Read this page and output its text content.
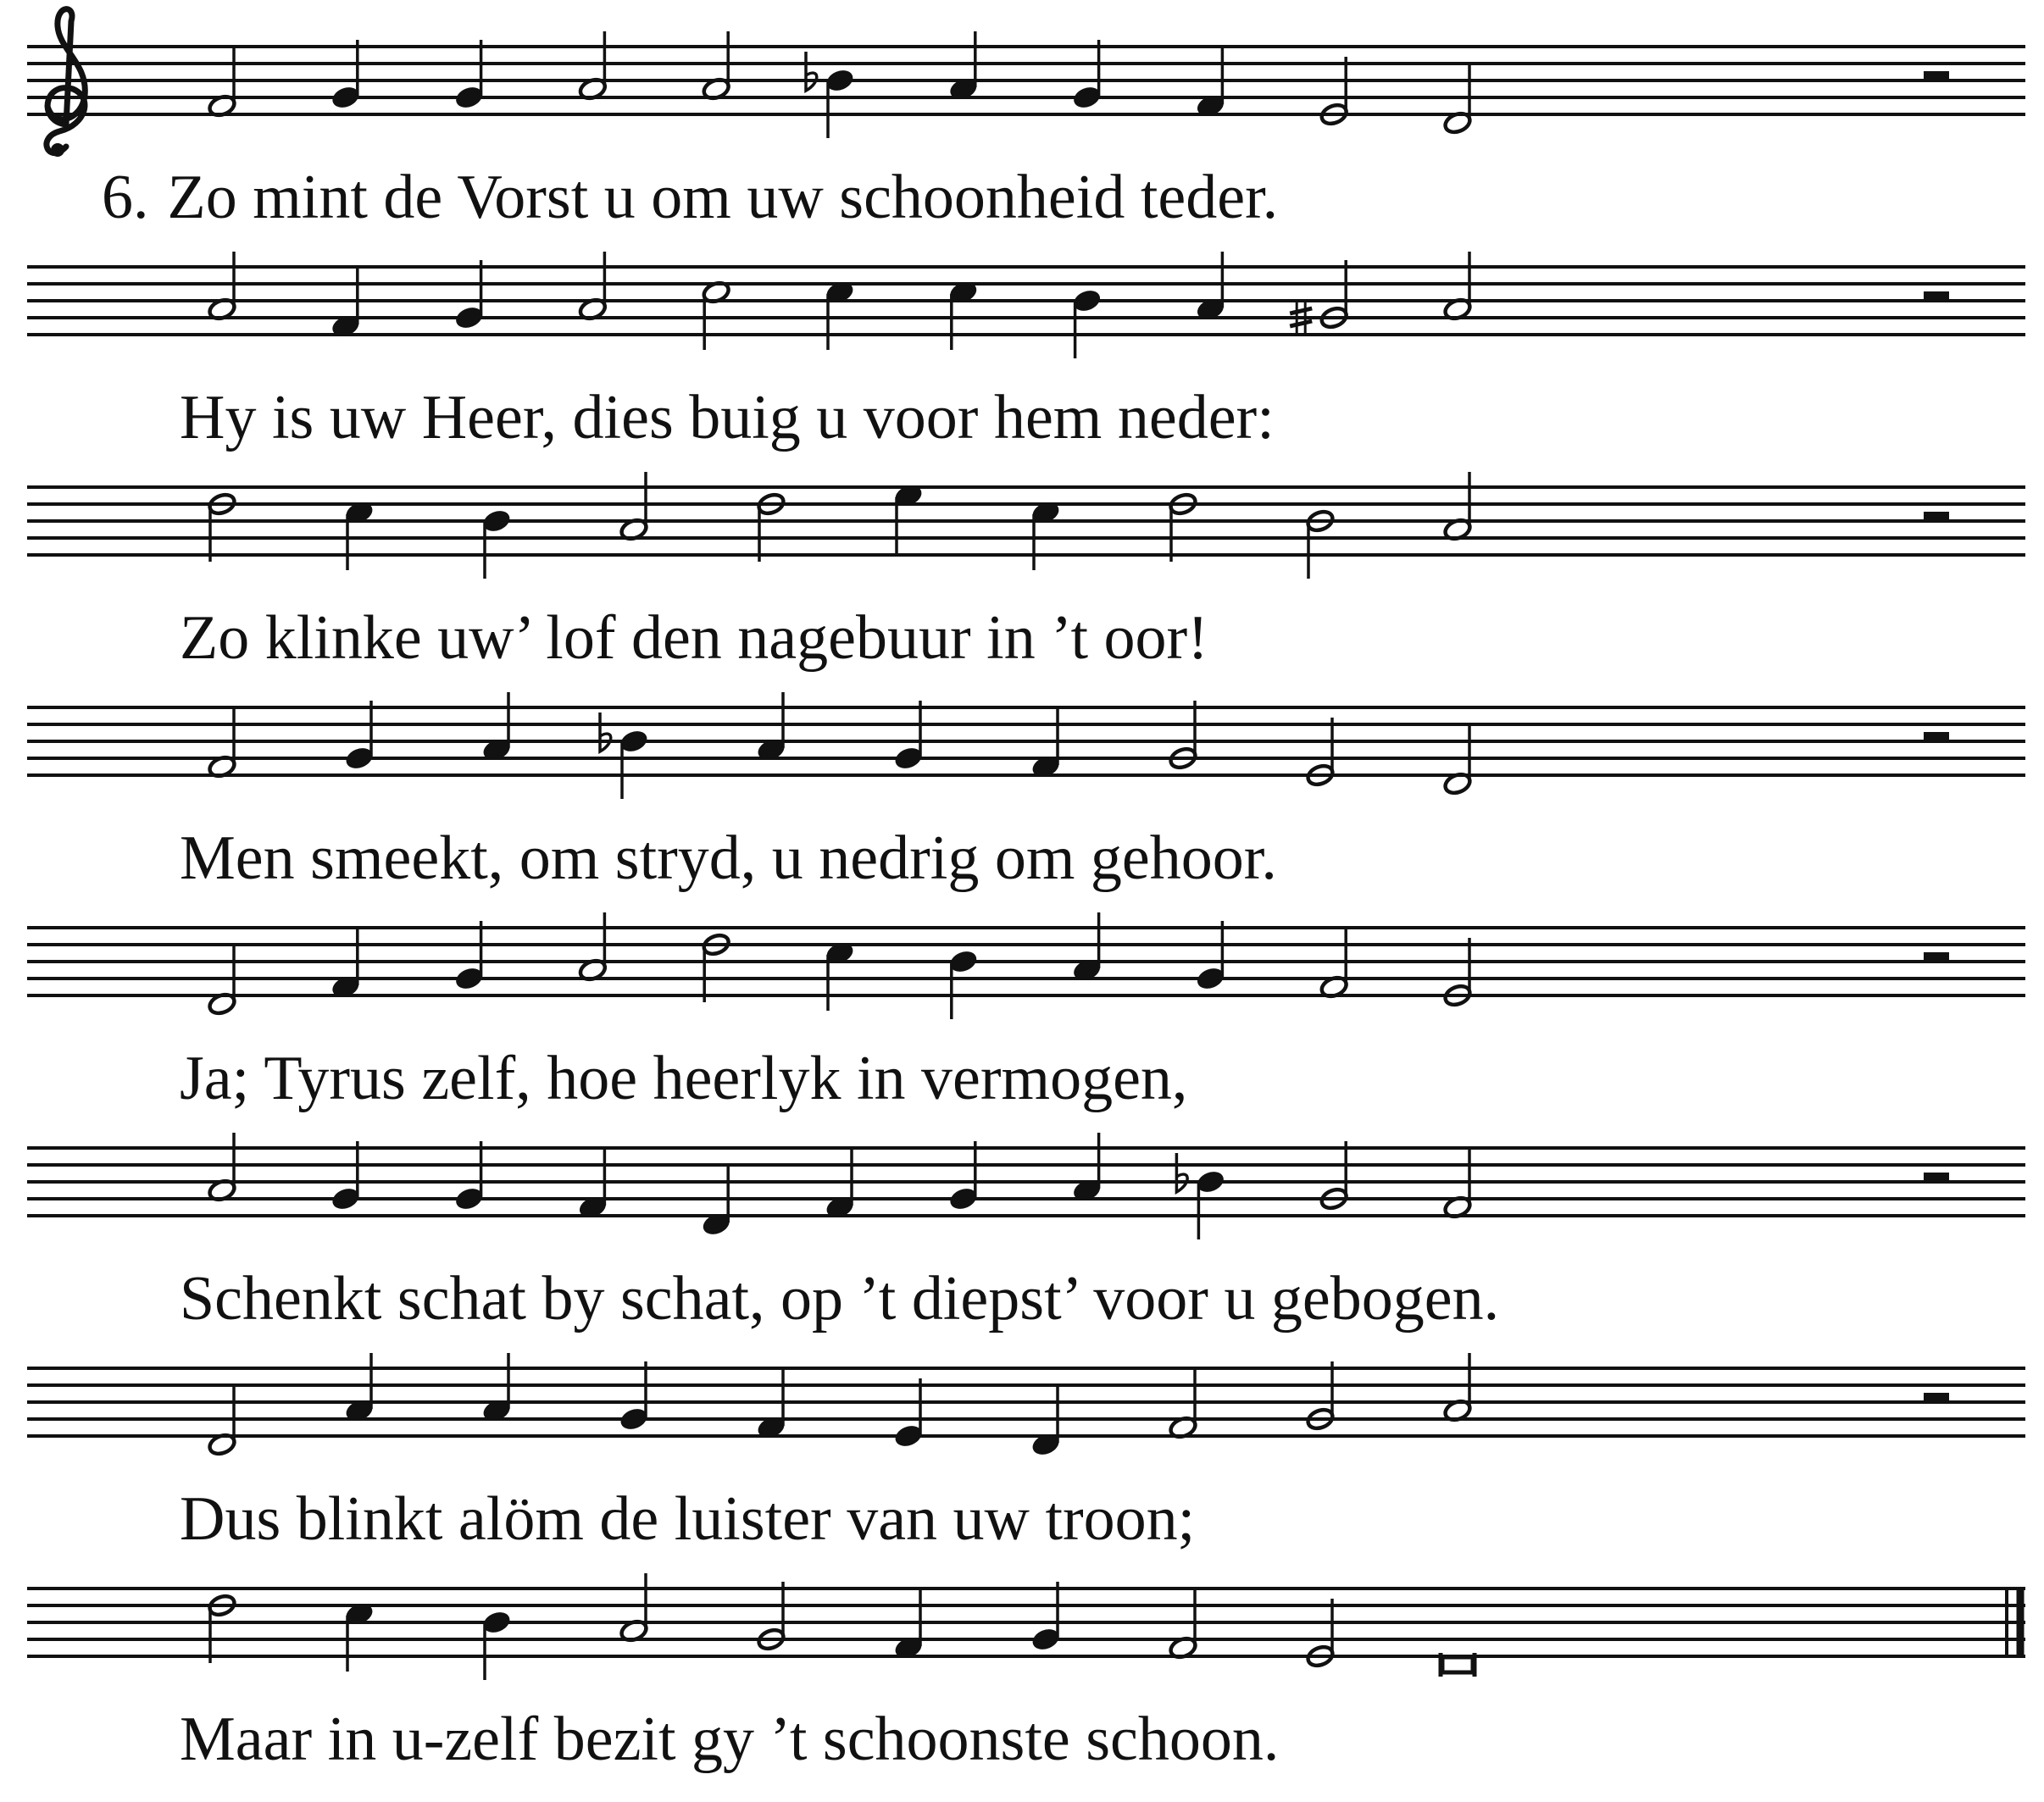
6. Zo mint de Vorst u om uw schoonheid teder.
Hy is uw Heer, dies buig u voor hem neder:
Zo klinke uw’ lof den nagebuur in ’t oor!
Men smeekt, om stryd, u nedrig om gehoor.
Ja; Tyrus zelf, hoe heerlyk in vermogen,
Schenkt schat by schat, op ’t diepst’ voor u gebogen.
Dus blinkt alöm de luister van uw troon;
Maar in u-zelf bezit gy ’t schoonste schoon.
